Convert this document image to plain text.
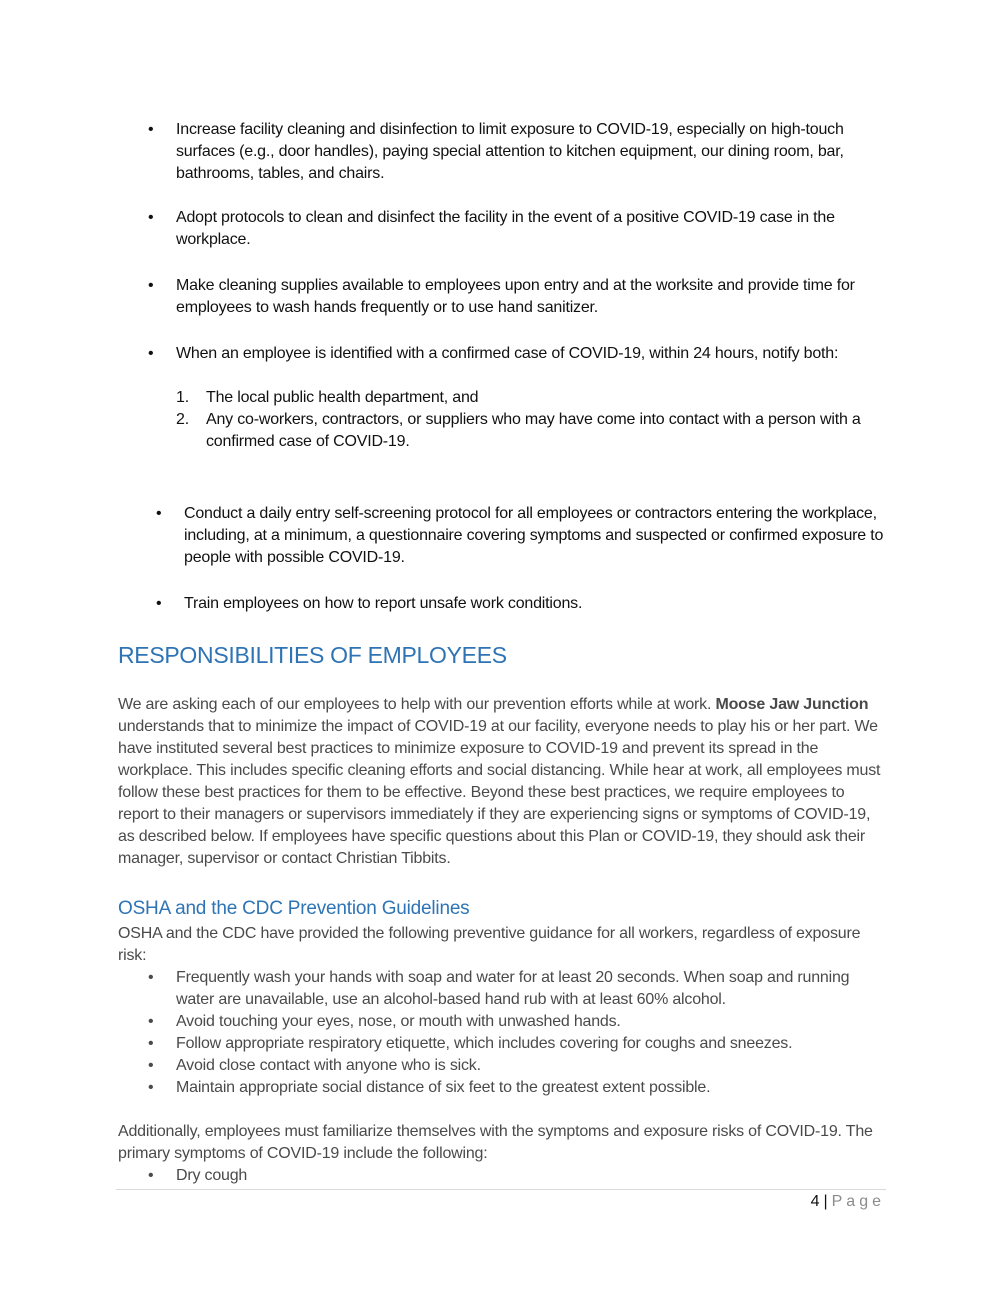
• Increase facility cleaning and disinfection to limit exposure to COVID-19, especially on high-touch surfaces (e.g., door handles), paying special attention to kitchen equipment, our dining room, bar, bathrooms, tables, and chairs.
• Adopt protocols to clean and disinfect the facility in the event of a positive COVID-19 case in the workplace.
• Make cleaning supplies available to employees upon entry and at the worksite and provide time for employees to wash hands frequently or to use hand sanitizer.
• When an employee is identified with a confirmed case of COVID-19, within 24 hours, notify both:
1. The local public health department, and
2. Any co-workers, contractors, or suppliers who may have come into contact with a person with a confirmed case of COVID-19.
• Conduct a daily entry self-screening protocol for all employees or contractors entering the workplace, including, at a minimum, a questionnaire covering symptoms and suspected or confirmed exposure to people with possible COVID-19.
• Train employees on how to report unsafe work conditions.
RESPONSIBILITIES OF EMPLOYEES
We are asking each of our employees to help with our prevention efforts while at work. Moose Jaw Junction understands that to minimize the impact of COVID-19 at our facility, everyone needs to play his or her part. We have instituted several best practices to minimize exposure to COVID-19 and prevent its spread in the workplace. This includes specific cleaning efforts and social distancing. While hear at work, all employees must follow these best practices for them to be effective. Beyond these best practices, we require employees to report to their managers or supervisors immediately if they are experiencing signs or symptoms of COVID-19, as described below. If employees have specific questions about this Plan or COVID-19, they should ask their manager, supervisor or contact Christian Tibbits.
OSHA and the CDC Prevention Guidelines
OSHA and the CDC have provided the following preventive guidance for all workers, regardless of exposure risk:
• Frequently wash your hands with soap and water for at least 20 seconds. When soap and running water are unavailable, use an alcohol-based hand rub with at least 60% alcohol.
• Avoid touching your eyes, nose, or mouth with unwashed hands.
• Follow appropriate respiratory etiquette, which includes covering for coughs and sneezes.
• Avoid close contact with anyone who is sick.
• Maintain appropriate social distance of six feet to the greatest extent possible.
Additionally, employees must familiarize themselves with the symptoms and exposure risks of COVID-19. The primary symptoms of COVID-19 include the following:
• Dry cough
4 | Page
